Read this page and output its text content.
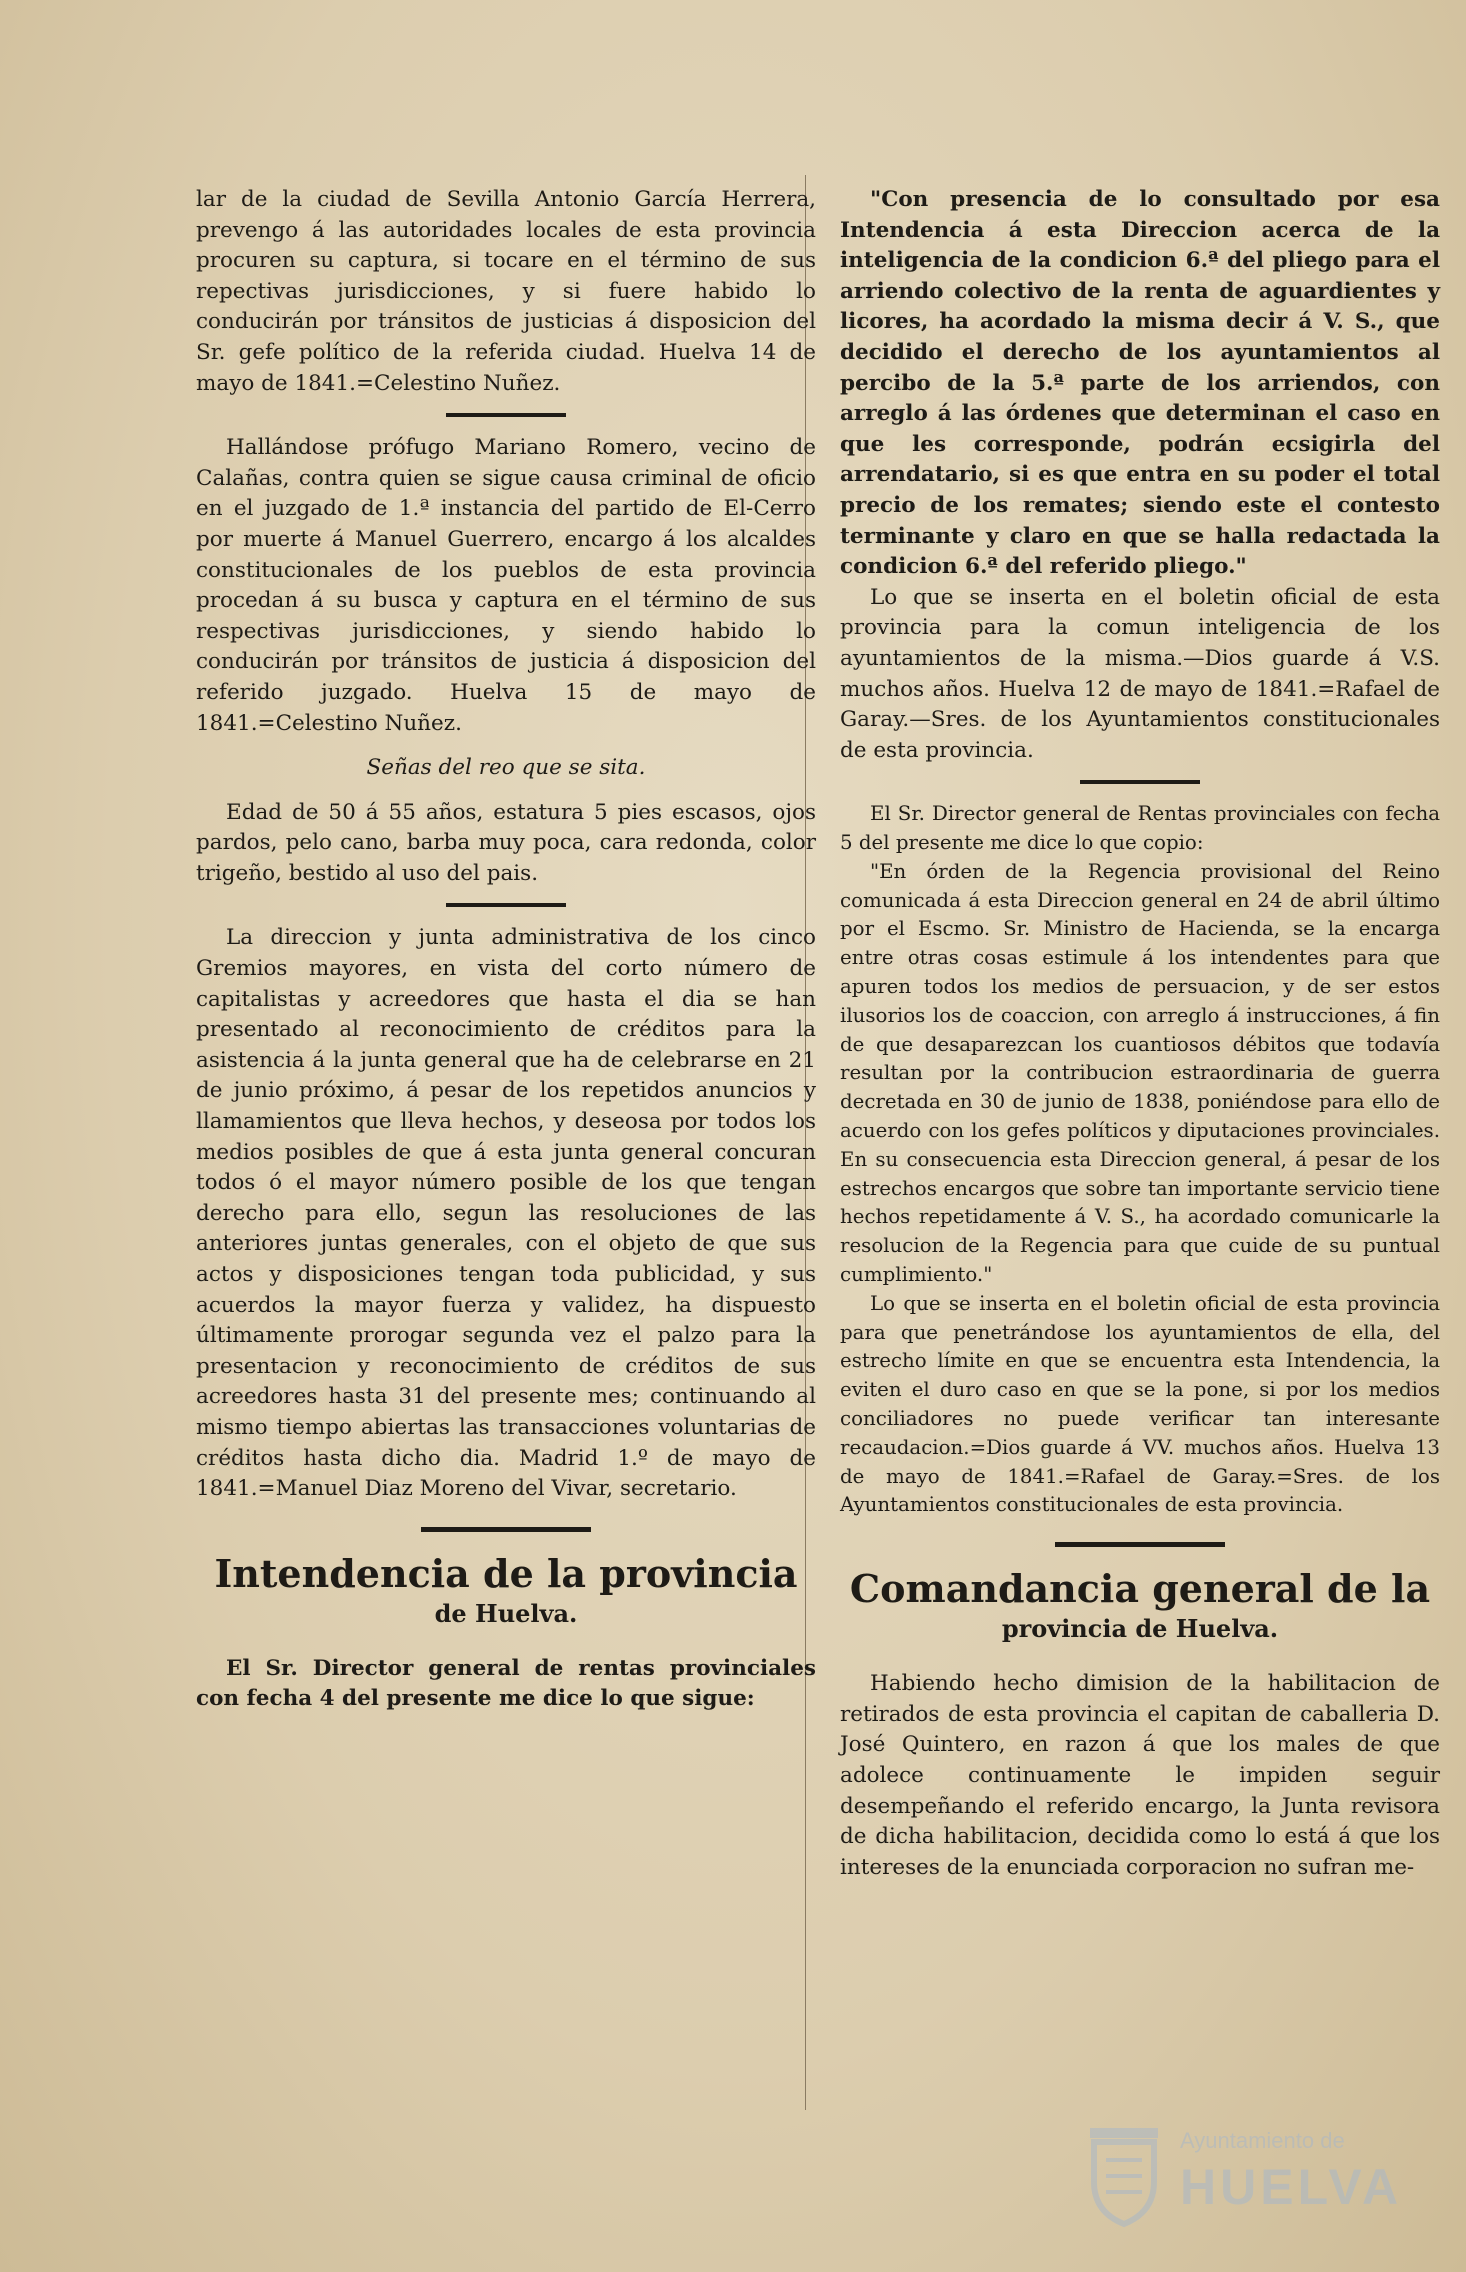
lar de la ciudad de Sevilla Antonio García Herrera, prevengo á las autoridades locales de esta provincia procuren su captura, si tocare en el término de sus repectivas jurisdicciones, y si fuere habido lo conducirán por tránsitos de justicias á disposicion del Sr. gefe político de la referida ciudad. Huelva 14 de mayo de 1841.=Celestino Nuñez.

Hallándose prófugo Mariano Romero, vecino de Calañas, contra quien se sigue causa criminal de oficio en el juzgado de 1.ª instancia del partido de El-Cerro por muerte á Manuel Guerrero, encargo á los alcaldes constitucionales de los pueblos de esta provincia procedan á su busca y captura en el término de sus respectivas jurisdicciones, y siendo habido lo conducirán por tránsitos de justicia á disposicion del referido juzgado. Huelva 15 de mayo de 1841.=Celestino Nuñez.

Señas del reo que se sita.

Edad de 50 á 55 años, estatura 5 pies escasos, ojos pardos, pelo cano, barba muy poca, cara redonda, color trigeño, bestido al uso del pais.

La direccion y junta administrativa de los cinco Gremios mayores, en vista del corto número de capitalistas y acreedores que hasta el dia se han presentado al reconocimiento de créditos para la asistencia á la junta general que ha de celebrarse en 21 de junio próximo, á pesar de los repetidos anuncios y llamamientos que lleva hechos, y deseosa por todos los medios posibles de que á esta junta general concuran todos ó el mayor número posible de los que tengan derecho para ello, segun las resoluciones de las anteriores juntas generales, con el objeto de que sus actos y disposiciones tengan toda publicidad, y sus acuerdos la mayor fuerza y validez, ha dispuesto últimamente prorogar segunda vez el palzo para la presentacion y reconocimiento de créditos de sus acreedores hasta 31 del presente mes; continuando al mismo tiempo abiertas las transacciones voluntarias de créditos hasta dicho dia. Madrid 1.º de mayo de 1841.=Manuel Diaz Moreno del Vivar, secretario.

Intendencia de la provincia

de Huelva.

El Sr. Director general de rentas provinciales con fecha 4 del presente me dice lo que sigue:

"Con presencia de lo consultado por esa Intendencia á esta Direccion acerca de la inteligencia de la condicion 6.ª del pliego para el arriendo colectivo de la renta de aguardientes y licores, ha acordado la misma decir á V. S., que decidido el derecho de los ayuntamientos al percibo de la 5.ª parte de los arriendos, con arreglo á las órdenes que determinan el caso en que les corresponde, podrán ecsigirla del arrendatario, si es que entra en su poder el total precio de los remates; siendo este el contesto terminante y claro en que se halla redactada la condicion 6.ª del referido pliego."

Lo que se inserta en el boletin oficial de esta provincia para la comun inteligencia de los ayuntamientos de la misma.—Dios guarde á V.S. muchos años. Huelva 12 de mayo de 1841.=Rafael de Garay.—Sres. de los Ayuntamientos constitucionales de esta provincia.

El Sr. Director general de Rentas provinciales con fecha 5 del presente me dice lo que copio:

"En órden de la Regencia provisional del Reino comunicada á esta Direccion general en 24 de abril último por el Escmo. Sr. Ministro de Hacienda, se la encarga entre otras cosas estimule á los intendentes para que apuren todos los medios de persuacion, y de ser estos ilusorios los de coaccion, con arreglo á instrucciones, á fin de que desaparezcan los cuantiosos débitos que todavía resultan por la contribucion estraordinaria de guerra decretada en 30 de junio de 1838, poniéndose para ello de acuerdo con los gefes políticos y diputaciones provinciales. En su consecuencia esta Direccion general, á pesar de los estrechos encargos que sobre tan importante servicio tiene hechos repetidamente á V. S., ha acordado comunicarle la resolucion de la Regencia para que cuide de su puntual cumplimiento."

Lo que se inserta en el boletin oficial de esta provincia para que penetrándose los ayuntamientos de ella, del estrecho límite en que se encuentra esta Intendencia, la eviten el duro caso en que se la pone, si por los medios conciliadores no puede verificar tan interesante recaudacion.=Dios guarde á VV. muchos años. Huelva 13 de mayo de 1841.=Rafael de Garay.=Sres. de los Ayuntamientos constitucionales de esta provincia.

Comandancia general de la

provincia de Huelva.

Habiendo hecho dimision de la habilitacion de retirados de esta provincia el capitan de caballeria D. José Quintero, en razon á que los males de que adolece continuamente le impiden seguir desempeñando el referido encargo, la Junta revisora de dicha habilitacion, decidida como lo está á que los intereses de la enunciada corporacion no sufran me-

Ayuntamiento de
HUELVA
